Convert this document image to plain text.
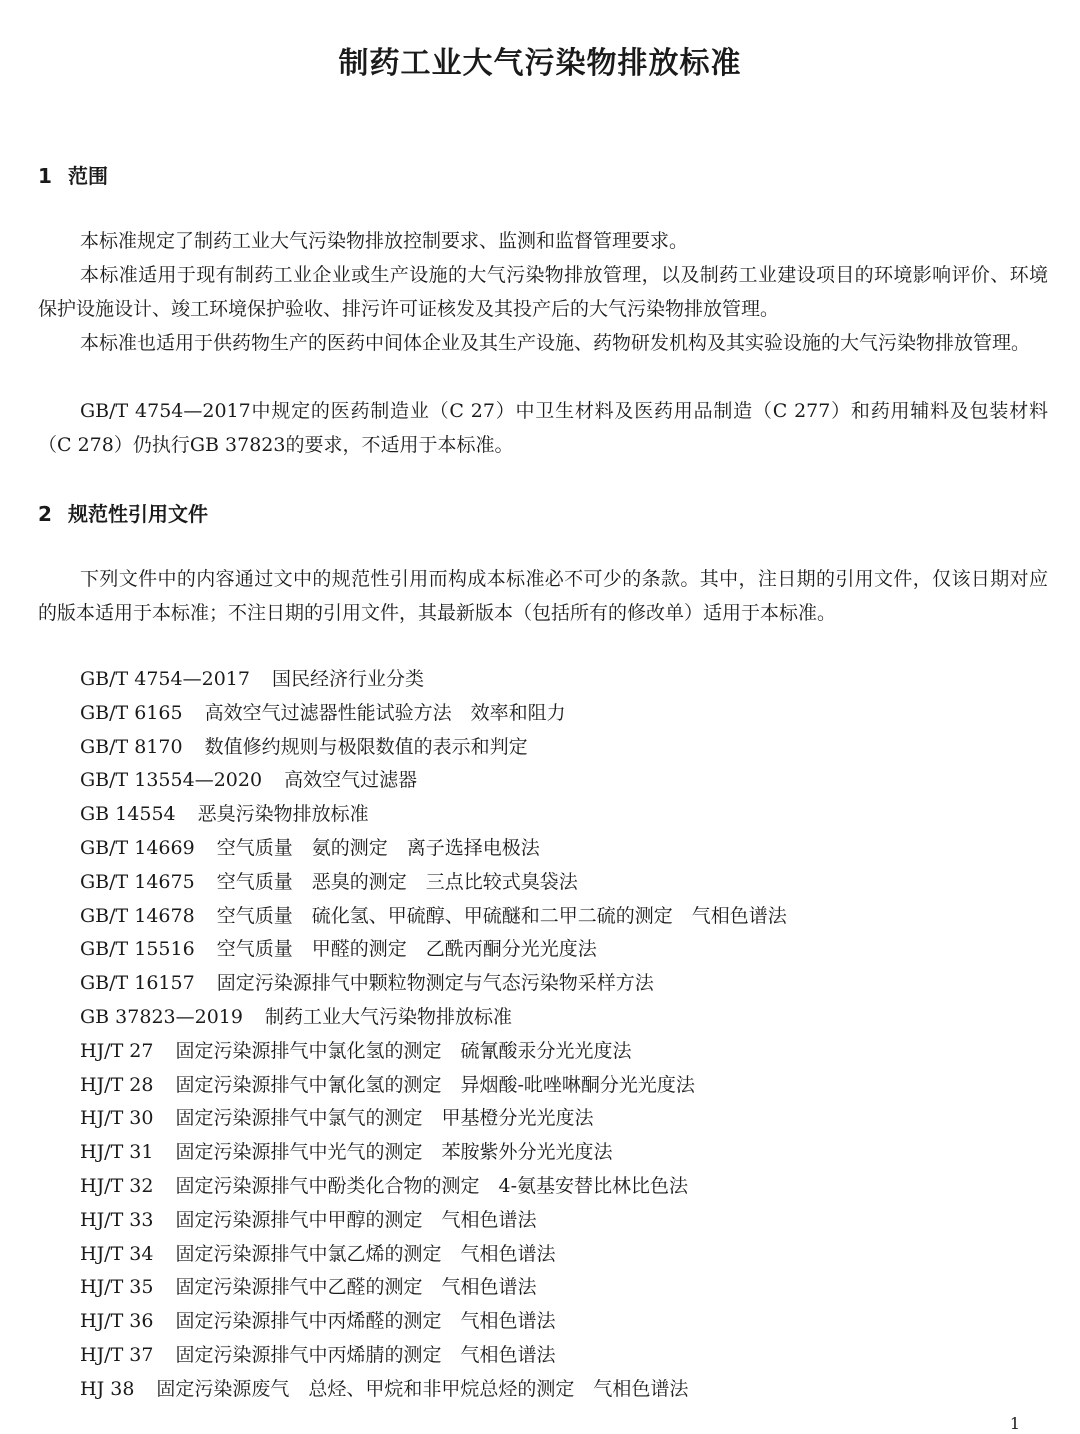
制药工业大气污染物排放标准
1 范围

本标准规定了制药工业大气污染物排放控制要求、监测和监督管理要求。

本标准适用于现有制药工业企业或生产设施的大气污染物排放管理，以及制药工业建设项目的环境影响评价、环境保护设施设计、竣工环境保护验收、排污许可证核发及其投产后的大气污染物排放管理。

本标准也适用于供药物生产的医药中间体企业及其生产设施、药物研发机构及其实验设施的大气污染物排放管理。

GB/T 4754—2017中规定的医药制造业（C 27）中卫生材料及医药用品制造（C 277）和药用辅料及包装材料（C 278）仍执行GB 37823的要求，不适用于本标准。

2 规范性引用文件

下列文件中的内容通过文中的规范性引用而构成本标准必不可少的条款。其中，注日期的引用文件，仅该日期对应的版本适用于本标准；不注日期的引用文件，其最新版本（包括所有的修改单）适用于本标准。

GB/T 4754—2017 国民经济行业分类
GB/T 6165 高效空气过滤器性能试验方法　效率和阻力
GB/T 8170 数值修约规则与极限数值的表示和判定
GB/T 13554—2020 高效空气过滤器
GB 14554 恶臭污染物排放标准
GB/T 14669 空气质量　氨的测定　离子选择电极法
GB/T 14675 空气质量　恶臭的测定　三点比较式臭袋法
GB/T 14678 空气质量　硫化氢、甲硫醇、甲硫醚和二甲二硫的测定　气相色谱法
GB/T 15516 空气质量　甲醛的测定　乙酰丙酮分光光度法
GB/T 16157 固定污染源排气中颗粒物测定与气态污染物采样方法
GB 37823—2019 制药工业大气污染物排放标准
HJ/T 27 固定污染源排气中氯化氢的测定　硫氰酸汞分光光度法
HJ/T 28 固定污染源排气中氰化氢的测定　异烟酸-吡唑啉酮分光光度法
HJ/T 30 固定污染源排气中氯气的测定　甲基橙分光光度法
HJ/T 31 固定污染源排气中光气的测定　苯胺紫外分光光度法
HJ/T 32 固定污染源排气中酚类化合物的测定　4-氨基安替比林比色法
HJ/T 33 固定污染源排气中甲醇的测定　气相色谱法
HJ/T 34 固定污染源排气中氯乙烯的测定　气相色谱法
HJ/T 35 固定污染源排气中乙醛的测定　气相色谱法
HJ/T 36 固定污染源排气中丙烯醛的测定　气相色谱法
HJ/T 37 固定污染源排气中丙烯腈的测定　气相色谱法
HJ 38 固定污染源废气　总烃、甲烷和非甲烷总烃的测定　气相色谱法
1
